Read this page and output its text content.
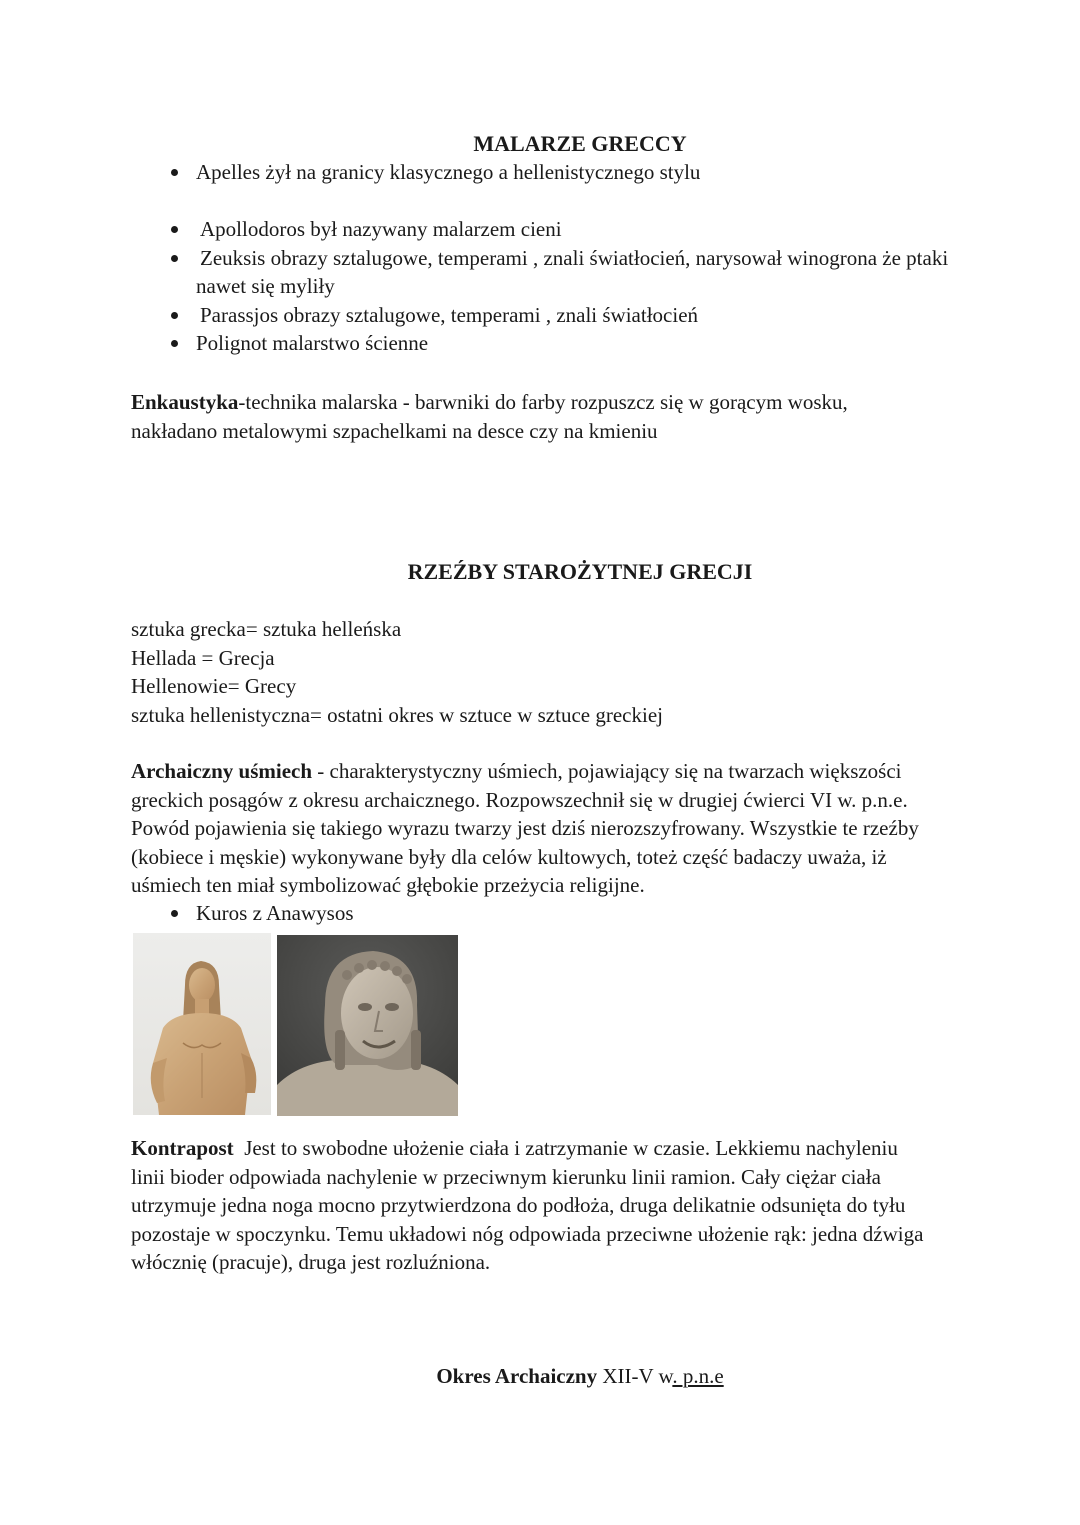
MALARZE GRECCY
Apelles żył na granicy klasycznego a hellenistycznego stylu
Apollodoros był nazywany malarzem cieni
Zeuksis obrazy sztalugowe, temperami , znali światłocień, narysował winogrona że ptaki nawet się myliły
Parassjos obrazy sztalugowe, temperami , znali światłocień
Polignot malarstwo ścienne
Enkaustyka-technika malarska - barwniki do farby rozpuszcz się w gorącym wosku,
nakładano metalowymi szpachelkami na desce czy na kmieniu
RZEŹBY STAROŻYTNEJ GRECJI
sztuka grecka= sztuka helleńska
Hellada = Grecja
Hellenowie= Grecy
sztuka hellenistyczna= ostatni okres w sztuce w sztuce greckiej
Archaiczny uśmiech - charakterystyczny uśmiech, pojawiający się na twarzach większości
greckich posągów z okresu archaicznego. Rozpowszechnił się w drugiej ćwierci VI w. p.n.e.
Powód pojawienia się takiego wyrazu twarzy jest dziś nierozszyfrowany. Wszystkie te rzeźby
(kobiece i męskie) wykonywane były dla celów kultowych, toteż część badaczy uważa, iż
uśmiech ten miał symbolizować głębokie przeżycia religijne.
Kuros z Anawysos
Kontrapost  Jest to swobodne ułożenie ciała i zatrzymanie w czasie. Lekkiemu nachyleniu
linii bioder odpowiada nachylenie w przeciwnym kierunku linii ramion. Cały ciężar ciała
utrzymuje jedna noga mocno przytwierdzona do podłoża, druga delikatnie odsunięta do tyłu
pozostaje w spoczynku. Temu układowi nóg odpowiada przeciwne ułożenie rąk: jedna dźwiga
włócznię (pracuje), druga jest rozluźniona.
Okres Archaiczny XII-V w. p.n.e
